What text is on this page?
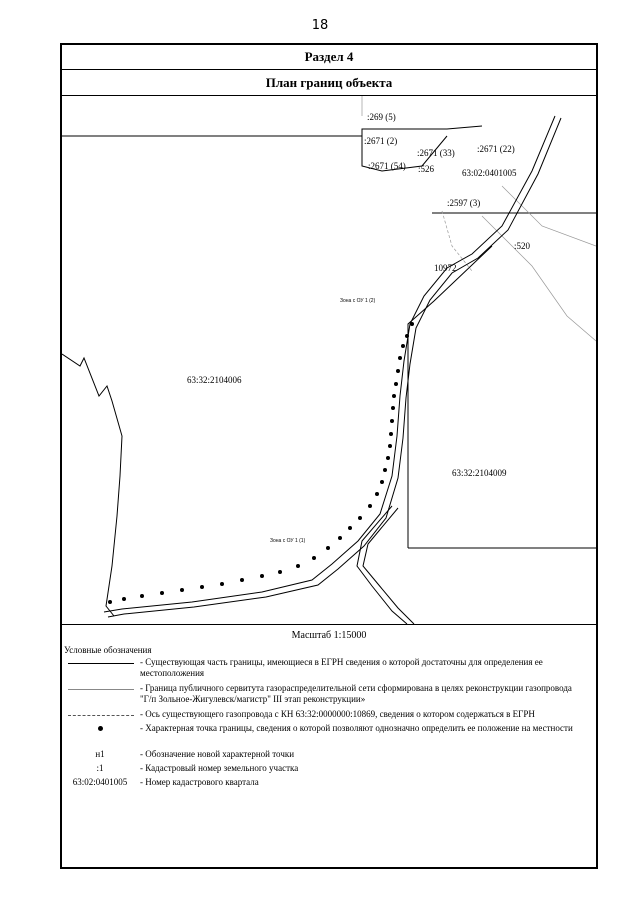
18
Раздел 4
План границ объекта
63:32:2104006
63:32:2104009
63:02:0401005
:269 (5)
:2671 (2)
:2671 (33) :2671 (22)
:2671 (54) :526
:2597 (3)
:520
10972
Зона с ОУ 1 (2)
Зона с ОУ 1 (1)
Масштаб 1:15000
Условные обозначения
- Существующая часть границы, имеющиеся в ЕГРН сведения о которой достаточны для определения ее местоположения
- Граница публичного сервитута газораспределительной сети сформирована в целях реконструкции газопровода "Г/п Зольное-Жигулевск/магистр" III этап реконструкции»
- Ось существующего газопровода с КН 63:32:0000000:10869, сведения о котором содержаться в ЕГРН
- Характерная точка границы, сведения о которой позволяют однозначно определить ее положение на местности
н1	- Обозначение новой характерной точки
:1	- Кадастровый номер земельного участка
63:02:0401005	- Номер кадастрового квартала
